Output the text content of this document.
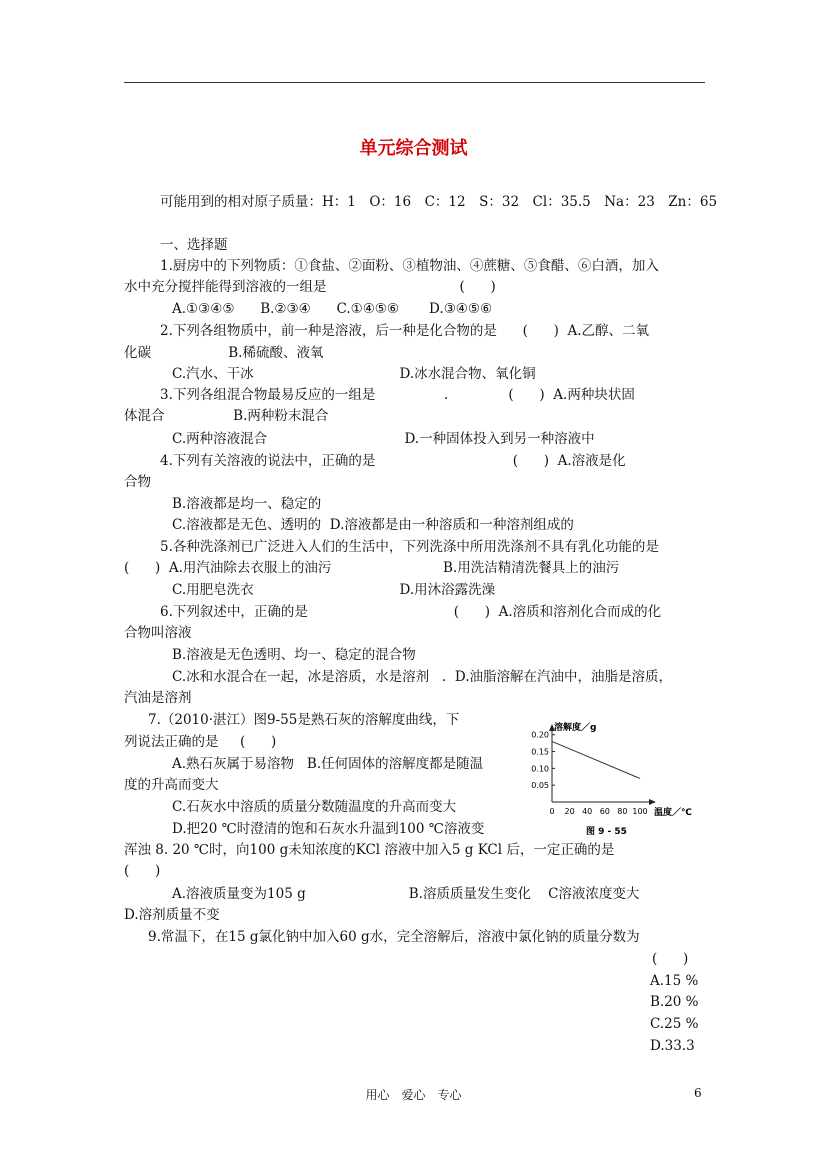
单元综合测试
可能用到的相对原子质量：H：1　O：16　C：12　S：32　Cl：35.5　Na：23　Zn：65
一、选择题
1.厨房中的下列物质：①食盐、②面粉、③植物油、④蔗糖、⑤食醋、⑥白酒，加入
水中充分搅拌能得到溶液的一组是                               (      )
A.①③④⑤      B.②③④      C.①④⑤⑥       D.③④⑤⑥
2.下列各组物质中，前一种是溶液，后一种是化合物的是      (      )  A.乙醇、二氧
化碳                  B.稀硫酸、液氧
C.汽水、干冰                                  D.冰水混合物、氧化铜
3.下列各组混合物最易反应的一组是                .              (      )  A.两种块状固
体混合                B.两种粉末混合
C.两种溶液混合                                D.一种固体投入到另一种溶液中
4.下列有关溶液的说法中，正确的是                                (      )  A.溶液是化
合物
B.溶液都是均一、稳定的
C.溶液都是无色、透明的  D.溶液都是由一种溶质和一种溶剂组成的
5.各种洗涤剂已广泛进入人们的生活中，下列洗涤中所用洗涤剂不具有乳化功能的是
(      )  A.用汽油除去衣服上的油污                          B.用洗洁精清洗餐具上的油污
C.用肥皂洗衣                                  D.用沐浴露洗澡
6.下列叙述中，正确的是                                  (      )  A.溶质和溶剂化合而成的化
合物叫溶液
B.溶液是无色透明、均一、稳定的混合物
C.冰和水混合在一起，冰是溶质，水是溶剂   .  D.油脂溶解在汽油中，油脂是溶质，
汽油是溶剂
7.（2010·湛江）图9-55是熟石灰的溶解度曲线，下
列说法正确的是     (      )
A.熟石灰属于易溶物   B.任何固体的溶解度都是随温
度的升高而变大
C.石灰水中溶质的质量分数随温度的升高而变大
D.把20 ℃时澄清的饱和石灰水升温到100 ℃溶液变
浑浊 8. 20 ℃时，向100 g未知浓度的KCl 溶液中加入5 g KCl 后，一定正确的是
(      )
A.溶液质量变为105 g                        B.溶质质量发生变化    C溶液浓度变大
D.溶剂质量不变
9.常温下，在15 g氯化钠中加入60 g水，完全溶解后，溶液中氯化钠的质量分数为
(      )
A.15 %
B.20 %
C.25 %
D.33.3
溶解度／g
温度／℃
图 9 - 55
0 20 40 60 80 100
0.05
0.10
0.15
0.20
用心　爱心　专心	6
